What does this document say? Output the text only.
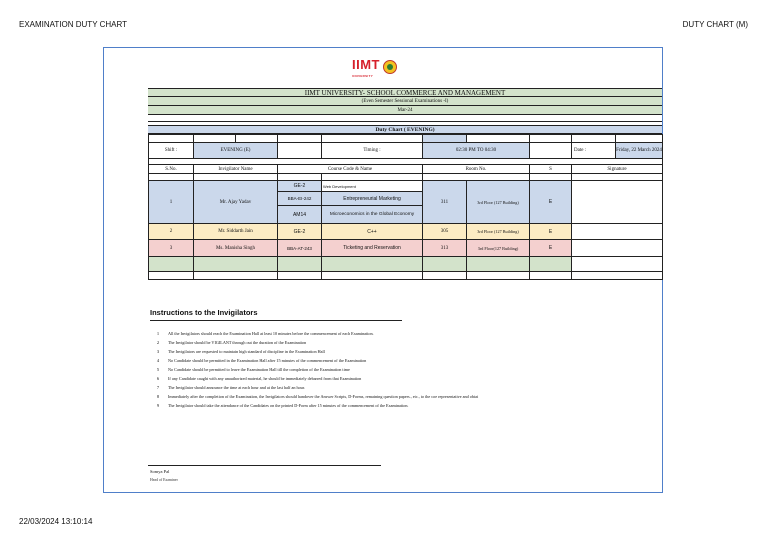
EXAMINATION DUTY CHART	DUTY CHART (M)
IIMT
UNIVERSITY
IIMT UNIVERSITY- SCHOOL COMMERCE AND MANAGEMENT
(Even Semester Sessional Examinations -I)
Mar-24
Duty Chart ( EVENING)

Shift :	EVENING (E)			Timing :	02:30 PM TO 04:30			Date :	Friday, 22 March 2024

S.No.	Invigilator Name		Course Code & Name		Room No.		S	Signature	

1	Mr. Ajay Yadav		GE-2	Web Development	311	3rd Floor (127 Building)	E		
			BBA-EI-242	Entrepreneurial Marketing					
			AM14	Microeconomics in the Global Economy					
2	Mr. Siddarth Jain		GE-2	C++	305	3rd Floor (127 Building)	E		
3	Ms. Manisha Singh		BBA-AT-243	Ticketing and Reservation	313	3rd Floor(127 Building)	E		

Instructions to the Invigilators
1 All the Invigilators should reach the Examination Hall at least 10 minutes before the commencement of each Examination.
2 The Invigilator should be VIGILANT through out the duration of the Examination
3 The Invigilators are requested to maintain high standard of discipline in the Examination Hall
4 No Candidate should be permitted in the Examination Hall after 15 minutes of the commencement of the Examination
5 No Candidate should be permitted to leave the Examination Hall till the completion of the Examination time
6 If any Candidate caught with any unauthorized material, he should be immediately debarred from that Examination
7 The Invigilator should announce the time at each hour and at the last half an hour.
8 Immediately after the completion of the Examination, the Invigilators should handover the Answer Scripts, D-Forms, remaining question papers., etc., to the coe representative and obtai
9 The Invigilator should take the attendance of the Candidates on the printed D-Form after 15 minutes of the commencement of the Examination.
Somya Pal
Head of Examiner
22/03/2024 13:10:14
